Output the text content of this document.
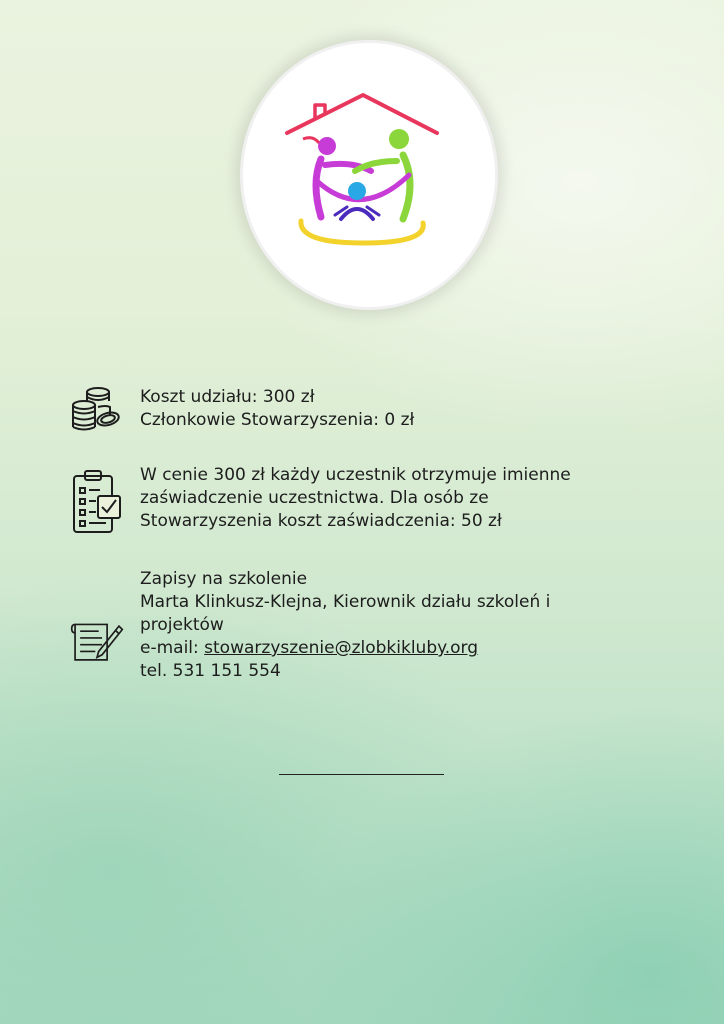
Koszt udziału: 300 zł
Członkowie Stowarzyszenia: 0 zł
W cenie 300 zł każdy uczestnik otrzymuje imienne
zaświadczenie uczestnictwa. Dla osób ze
Stowarzyszenia koszt zaświadczenia: 50 zł
Zapisy na szkolenie
Marta Klinkusz-Klejna, Kierownik działu szkoleń i
projektów
e-mail: stowarzyszenie@zlobkikluby.org
tel. 531 151 554
